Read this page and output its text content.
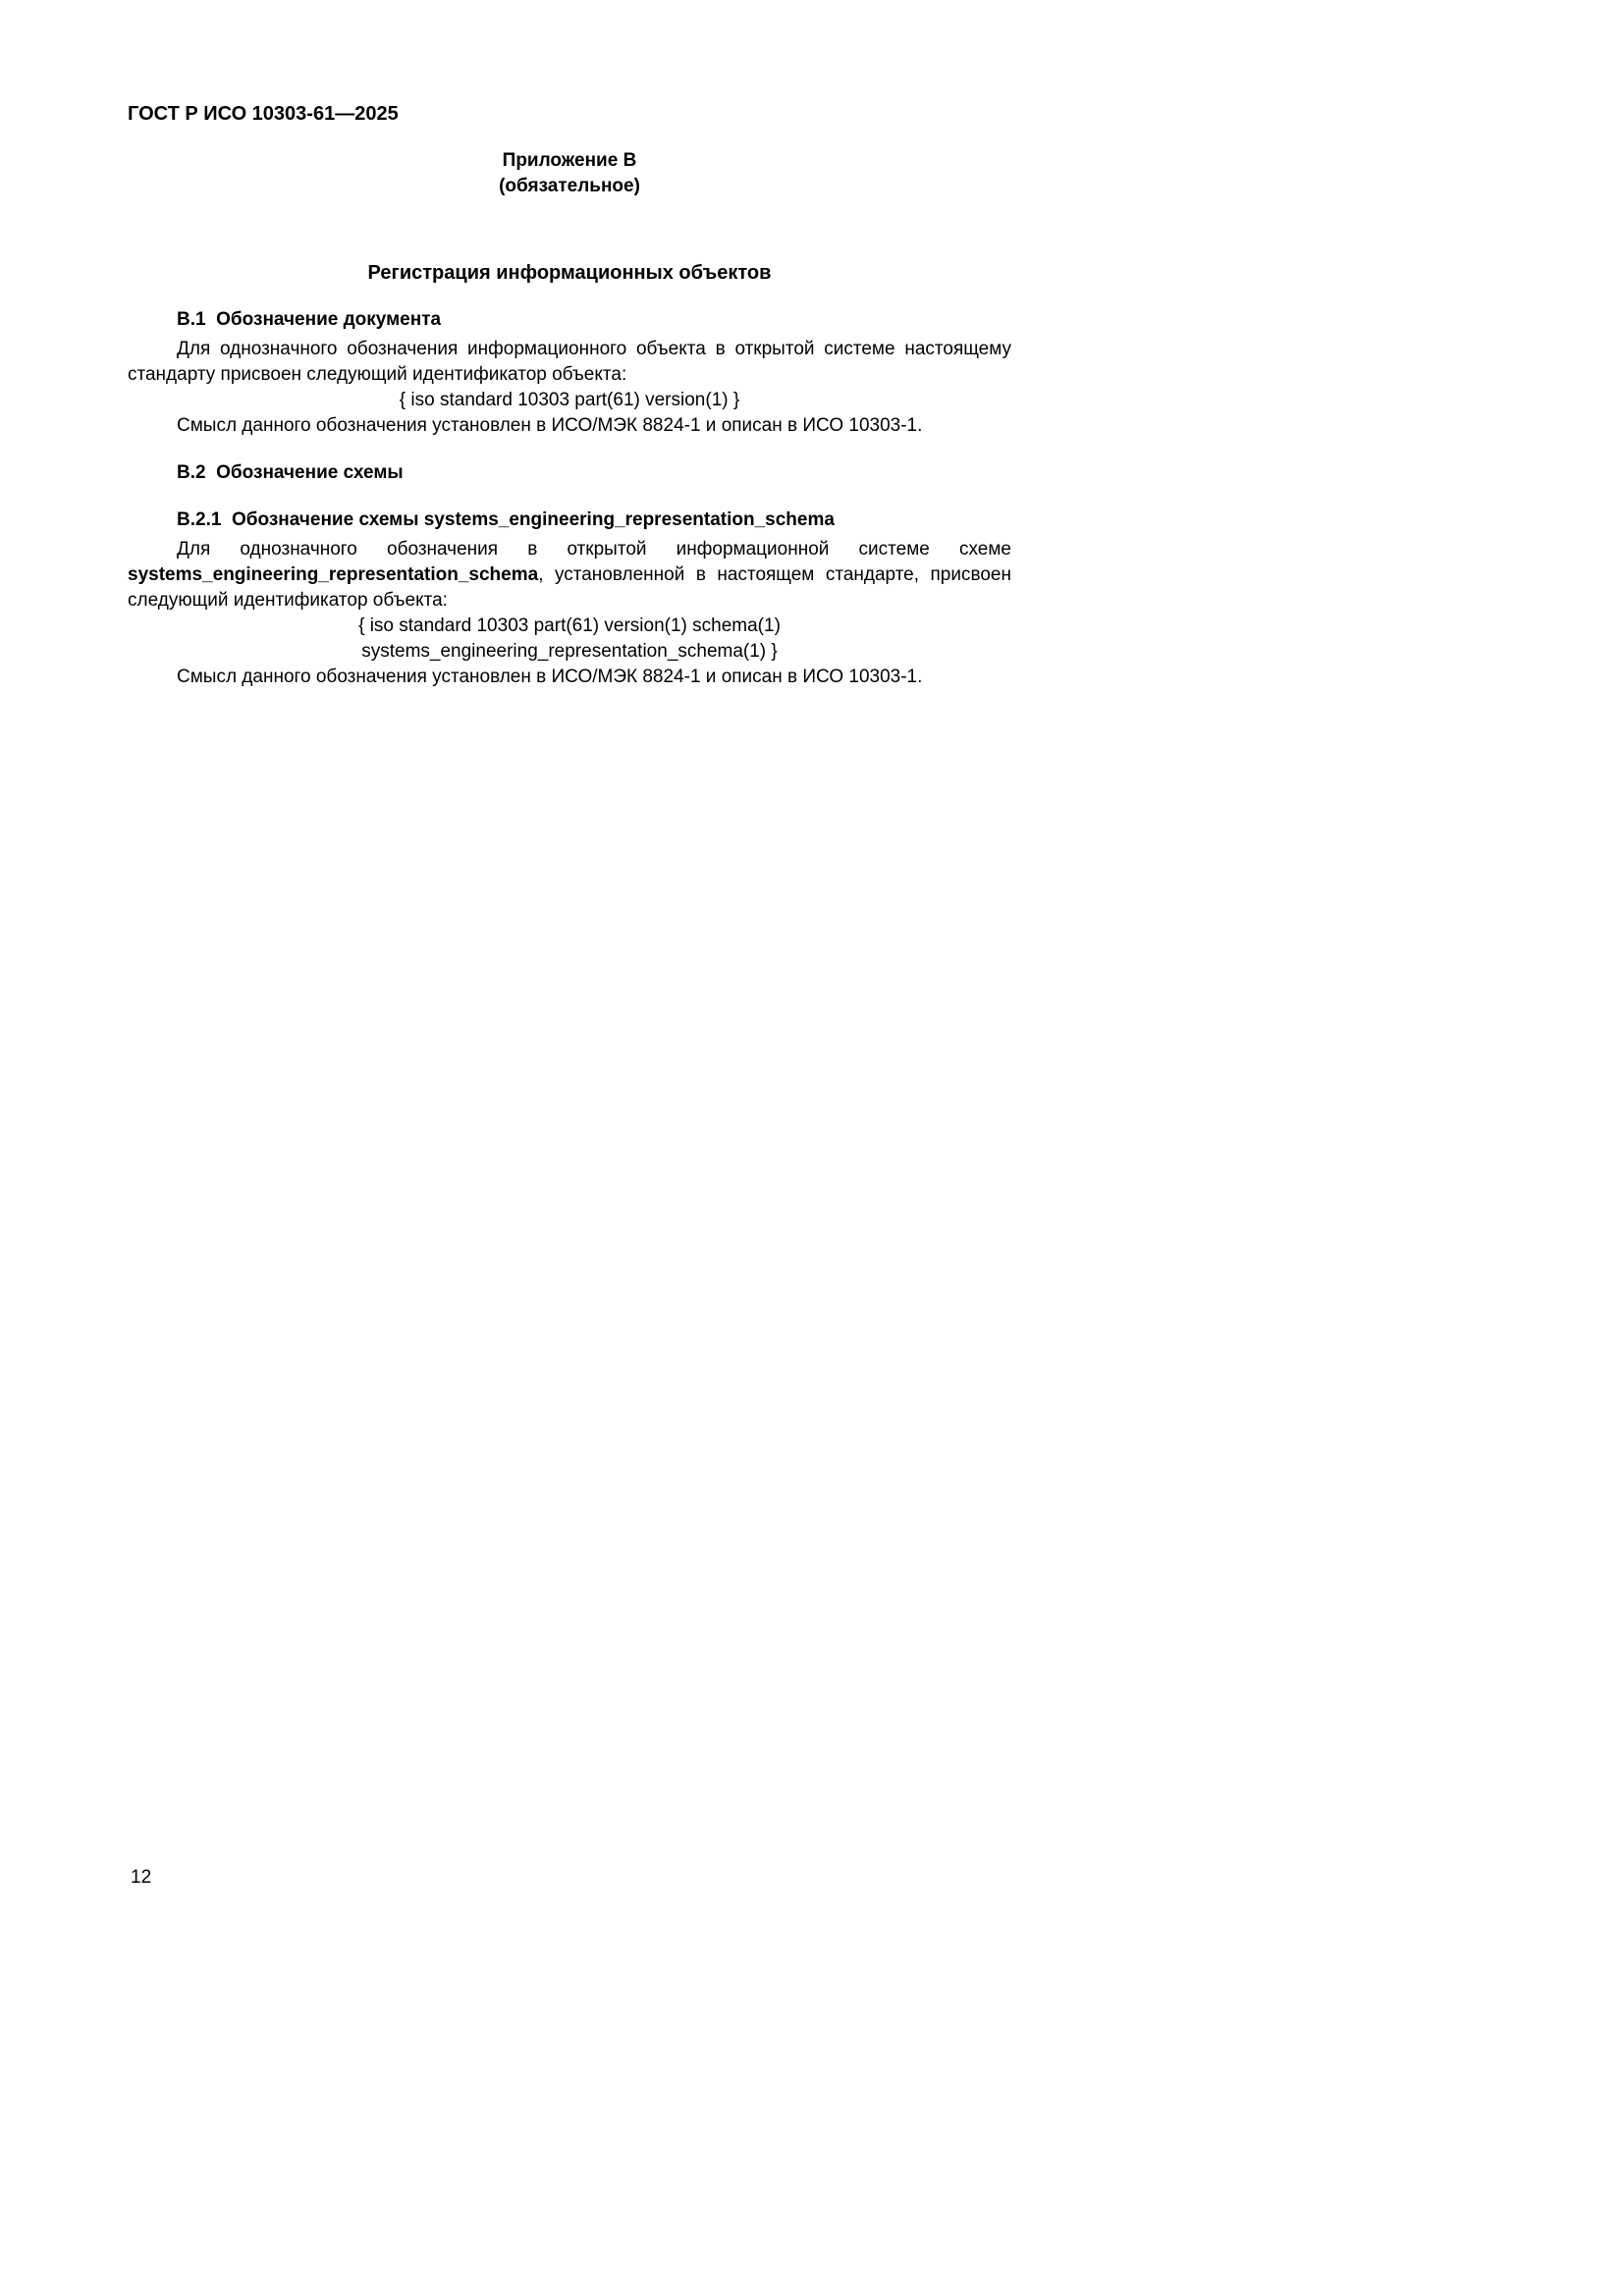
ГОСТ Р ИСО 10303-61—2025
Приложение В
(обязательное)
Регистрация информационных объектов
В.1  Обозначение документа

Для однозначного обозначения информационного объекта в открытой системе настоящему стандарту присвоен следующий идентификатор объекта:

{ iso standard 10303 part(61) version(1) }

Смысл данного обозначения установлен в ИСО/МЭК 8824-1 и описан в ИСО 10303-1.

В.2  Обозначение схемы
В.2.1  Обозначение схемы systems_engineering_representation_schema

Для однозначного обозначения в открытой информационной системе схеме systems_engineering_representation_schema, установленной в настоящем стандарте, присвоен следующий идентификатор объекта:

{ iso standard 10303 part(61) version(1) schema(1)
systems_engineering_representation_schema(1) }

Смысл данного обозначения установлен в ИСО/МЭК 8824-1 и описан в ИСО 10303-1.

12
